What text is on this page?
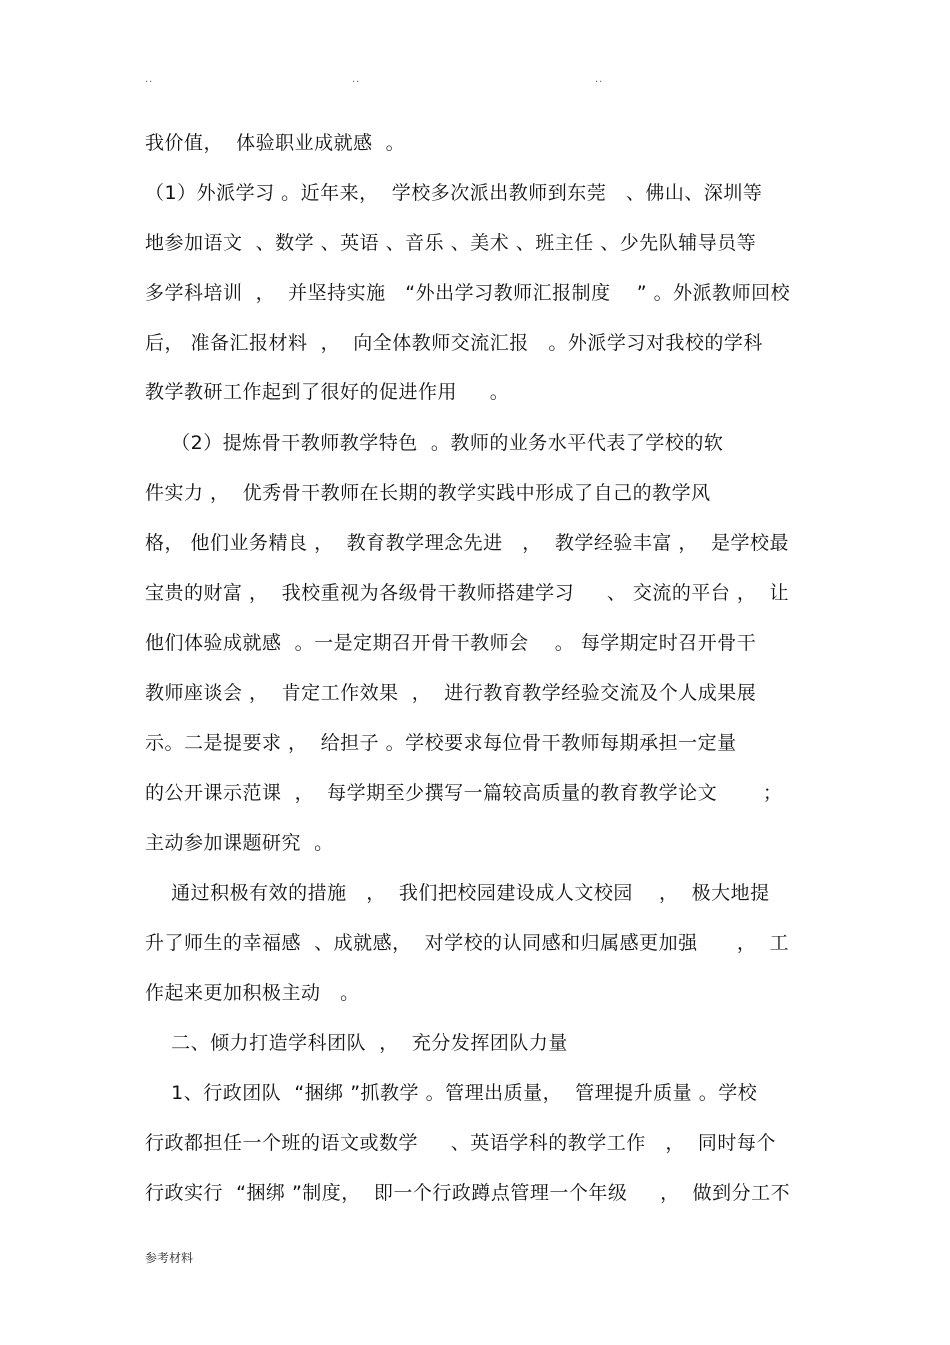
..	..	..
我价值，  体验职业成就感  。
（1）外派学习 。近年来，  学校多次派出教师到东莞   、佛山、深圳等
地参加语文  、数学 、英语 、音乐 、美术 、班主任 、少先队辅导员等
多学科培训  ，  并坚持实施   “外出学习教师汇报制度    ” 。外派教师回校
后， 准备汇报材料  ，  向全体教师交流汇报   。外派学习对我校的学科
教学教研工作起到了很好的促进作用     。
（2）提炼骨干教师教学特色  。教师的业务水平代表了学校的软
件实力 ，  优秀骨干教师在长期的教学实践中形成了自己的教学风
格， 他们业务精良 ，  教育教学理念先进   ，  教学经验丰富 ，  是学校最
宝贵的财富 ，  我校重视为各级骨干教师搭建学习     、 交流的平台 ，  让
他们体验成就感  。一是定期召开骨干教师会    。 每学期定时召开骨干
教师座谈会 ，  肯定工作效果  ，  进行教育教学经验交流及个人成果展
示。二是提要求 ，  给担子 。学校要求每位骨干教师每期承担一定量
的公开课示范课  ，  每学期至少撰写一篇较高质量的教育教学论文       ；
主动参加课题研究  。
通过积极有效的措施   ，  我们把校园建设成人文校园    ，  极大地提
升了师生的幸福感  、成就感，  对学校的认同感和归属感更加强      ，  工
作起来更加积极主动   。
二、倾力打造学科团队  ，  充分发挥团队力量
1、行政团队  “捆绑 ”抓教学 。管理出质量，  管理提升质量 。学校
行政都担任一个班的语文或数学     、英语学科的教学工作   ，  同时每个
行政实行  “捆绑 ”制度，  即一个行政蹲点管理一个年级     ，  做到分工不
参考材料
